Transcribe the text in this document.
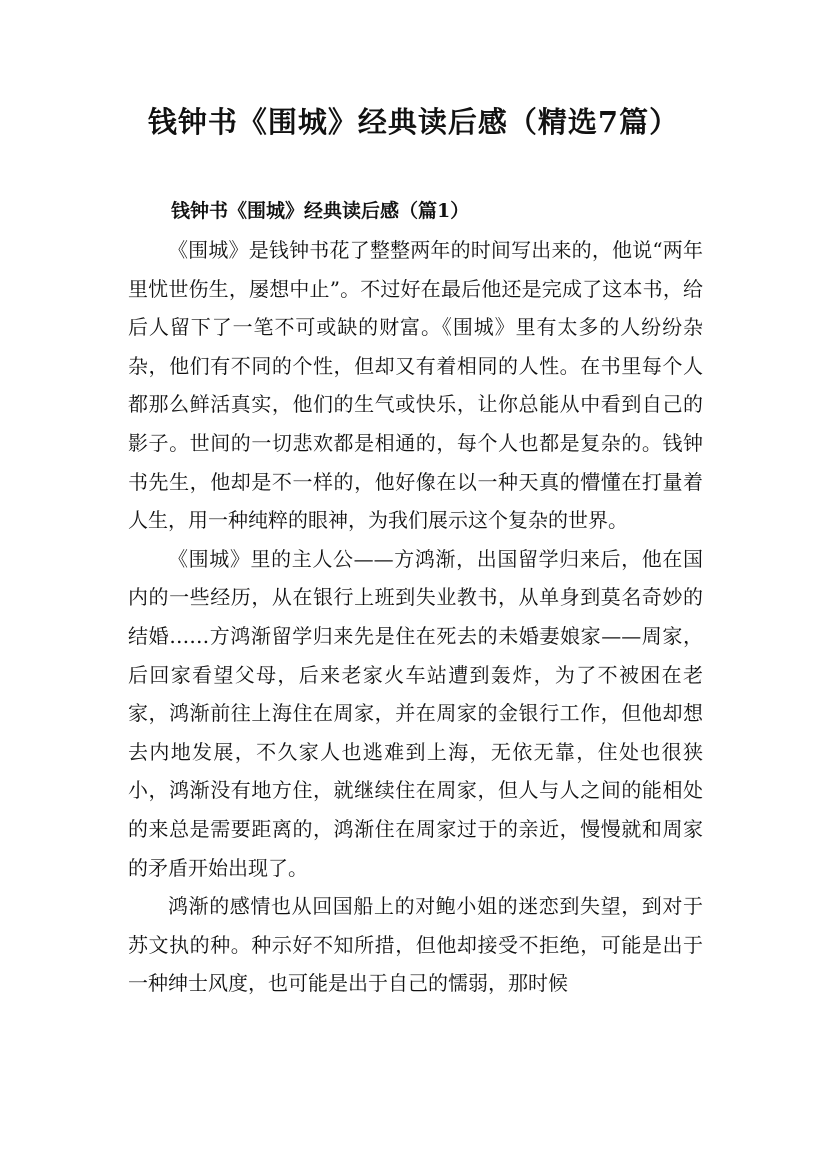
钱钟书《围城》经典读后感（精选7篇）
钱钟书《围城》经典读后感（篇1）

《围城》是钱钟书花了整整两年的时间写出来的，他说“两年里忧世伤生，屡想中止”。不过好在最后他还是完成了这本书，给后人留下了一笔不可或缺的财富。《围城》里有太多的人纷纷杂杂，他们有不同的个性，但却又有着相同的人性。在书里每个人都那么鲜活真实，他们的生气或快乐，让你总能从中看到自己的影子。世间的一切悲欢都是相通的，每个人也都是复杂的。钱钟书先生，他却是不一样的，他好像在以一种天真的懵懂在打量着人生，用一种纯粹的眼神，为我们展示这个复杂的世界。

《围城》里的主人公——方鸿渐，出国留学归来后，他在国内的一些经历，从在银行上班到失业教书，从单身到莫名奇妙的结婚……方鸿渐留学归来先是住在死去的未婚妻娘家——周家，后回家看望父母，后来老家火车站遭到轰炸，为了不被困在老家，鸿渐前往上海住在周家，并在周家的金银行工作，但他却想去内地发展，不久家人也逃难到上海，无依无靠，住处也很狭小，鸿渐没有地方住，就继续住在周家，但人与人之间的能相处的来总是需要距离的，鸿渐住在周家过于的亲近，慢慢就和周家的矛盾开始出现了。

鸿渐的感情也从回国船上的对鲍小姐的迷恋到失望，到对于苏文执的种。种示好不知所措，但他却接受不拒绝，可能是出于一种绅士风度，也可能是出于自己的懦弱，那时候
